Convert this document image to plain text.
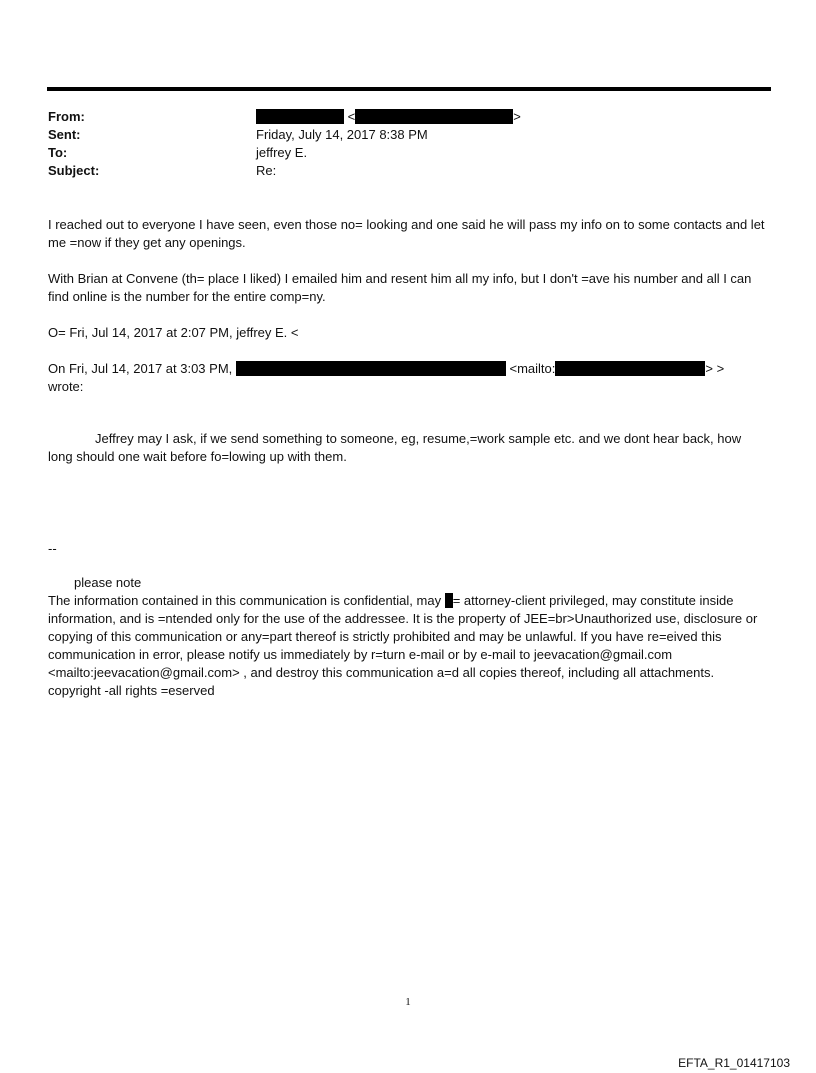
From:	<	>
Sent:	Friday, July 14, 2017 8:38 PM
To:	jeffrey E.
Subject:	Re:
I reached out to everyone I have seen, even those no= looking and one said he will pass my info on to some contacts and let me =now if they get any openings.
With Brian at Convene (th= place I liked) I emailed him and resent him all my info, but I don't =ave his number and all I can find online is the number for the entire comp=ny.
O= Fri, Jul 14, 2017 at 2:07 PM, jeffrey E. <
On Fri, Jul 14, 2017 at 3:03 PM,	<mailto:	> >
wrote:
Jeffrey may I ask, if we send something to someone, eg, resume,=work sample etc. and we dont hear back, how long should one wait before fo=lowing up with them.
--
please note
The information contained in this communication is confidential, may = attorney-client privileged, may constitute inside information, and is =ntended only for the use of the addressee. It is the property of JEE=br>Unauthorized use, disclosure or copying of this communication or any=part thereof is strictly prohibited and may be unlawful. If you have re=eived this communication in error, please notify us immediately by r=turn e-mail or by e-mail to jeevacation@gmail.com <mailto:jeevacation@gmail.com> , and destroy this communication a=d all copies thereof, including all attachments. copyright -all rights =eserved
1
EFTA_R1_01417103
